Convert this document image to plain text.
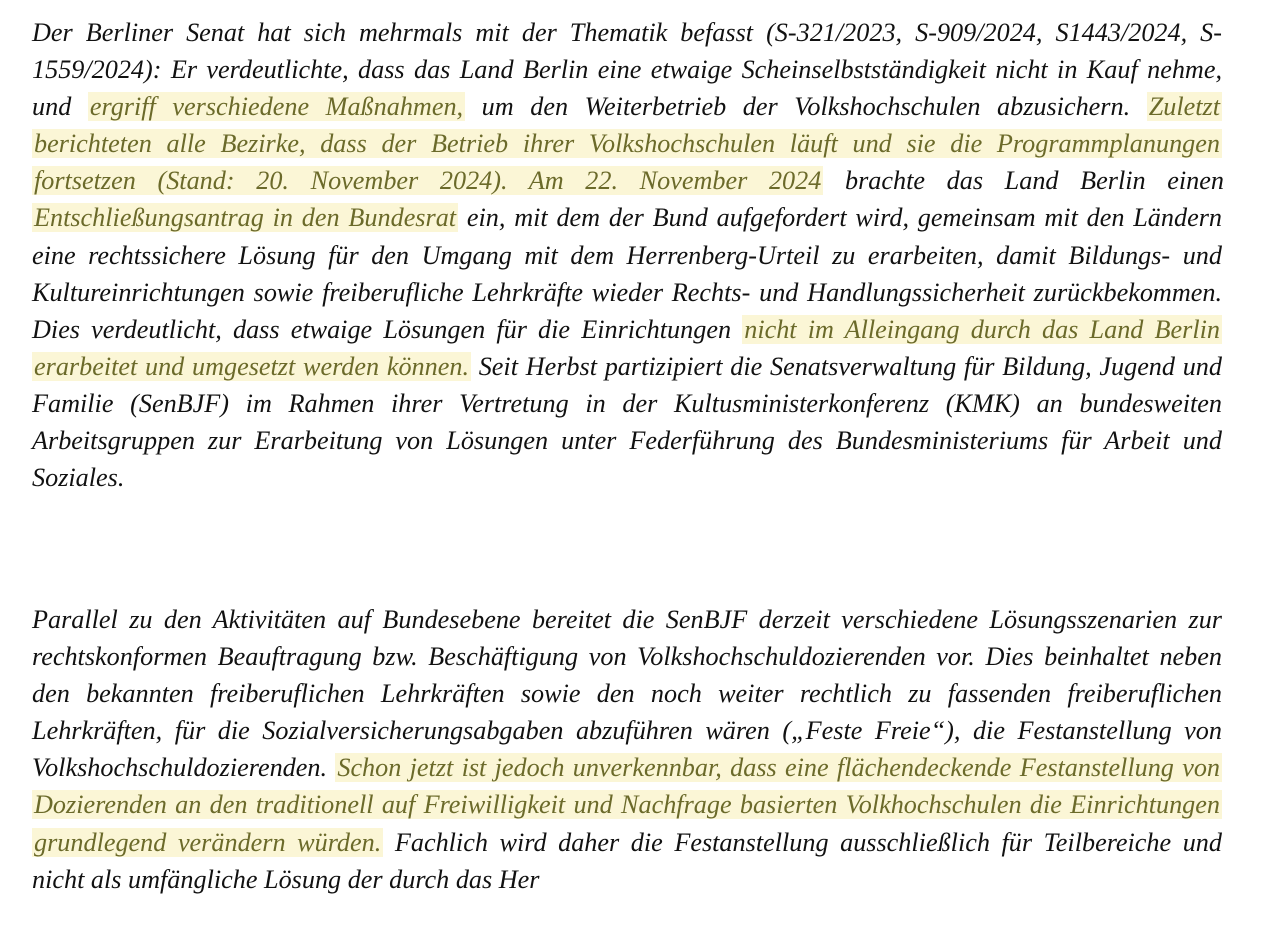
Der Berliner Senat hat sich mehrmals mit der Thematik befasst (S-321/2023, S-909/2024, S1443/2024, S-1559/2024): Er verdeutlichte, dass das Land Berlin eine etwaige Scheinselbstständigkeit nicht in Kauf nehme, und ergriff verschiedene Maßnahmen, um den Weiterbetrieb der Volkshochschulen abzusichern. Zuletzt berichteten alle Bezirke, dass der Betrieb ihrer Volkshochschulen läuft und sie die Programmplanungen fortsetzen (Stand: 20. November 2024). Am 22. November 2024 brachte das Land Berlin einen Entschließungsantrag in den Bundesrat ein, mit dem der Bund aufgefordert wird, gemeinsam mit den Ländern eine rechtssichere Lösung für den Umgang mit dem Herrenberg-Urteil zu erarbeiten, damit Bildungs- und Kultureinrichtungen sowie freiberufliche Lehrkräfte wieder Rechts- und Handlungssicherheit zurückbekommen. Dies verdeutlicht, dass etwaige Lösungen für die Einrichtungen nicht im Alleingang durch das Land Berlin erarbeitet und umgesetzt werden können. Seit Herbst partizipiert die Senatsverwaltung für Bildung, Jugend und Familie (SenBJF) im Rahmen ihrer Vertretung in der Kultusministerkonferenz (KMK) an bundesweiten Arbeitsgruppen zur Erarbeitung von Lösungen unter Federführung des Bundesministeriums für Arbeit und Soziales.

Parallel zu den Aktivitäten auf Bundesebene bereitet die SenBJF derzeit verschiedene Lösungsszenarien zur rechtskonformen Beauftragung bzw. Beschäftigung von Volkshochschuldozierenden vor. Dies beinhaltet neben den bekannten freiberuflichen Lehrkräften sowie den noch weiter rechtlich zu fassenden freiberuflichen Lehrkräften, für die Sozialversicherungsabgaben abzuführen wären („Feste Freie“), die Festanstellung von Volkshochschuldozierenden. Schon jetzt ist jedoch unverkennbar, dass eine flächendeckende Festanstellung von Dozierenden an den traditionell auf Freiwilligkeit und Nachfrage basierten Volkhochschulen die Einrichtungen grundlegend verändern würden. Fachlich wird daher die Festanstellung ausschließlich für Teilbereiche und nicht als umfängliche Lösung der durch das Her
